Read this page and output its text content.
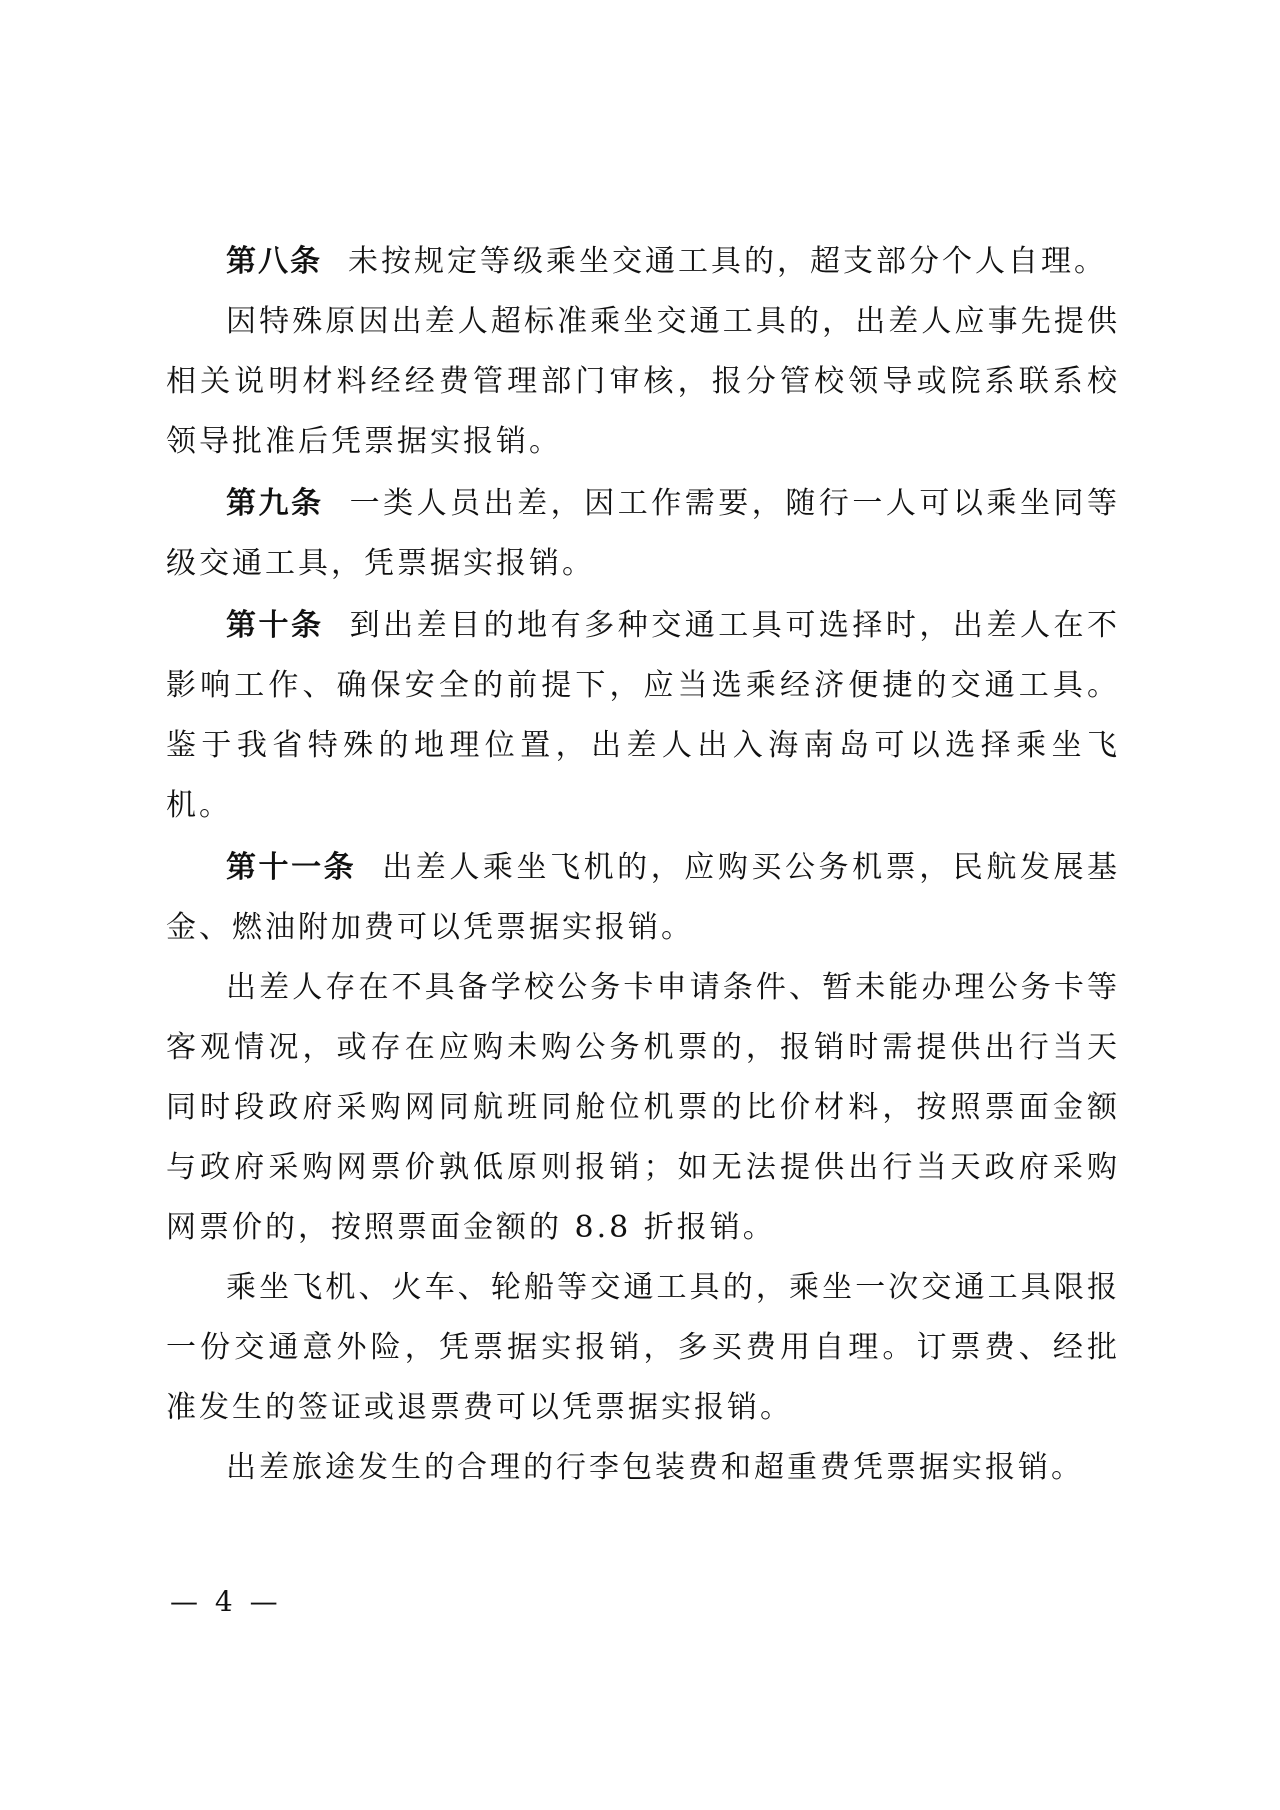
第八条 未按规定等级乘坐交通工具的，超支部分个人自理。

因特殊原因出差人超标准乘坐交通工具的，出差人应事先提供相关说明材料经经费管理部门审核，报分管校领导或院系联系校领导批准后凭票据实报销。

第九条 一类人员出差，因工作需要，随行一人可以乘坐同等级交通工具，凭票据实报销。

第十条 到出差目的地有多种交通工具可选择时，出差人在不影响工作、确保安全的前提下，应当选乘经济便捷的交通工具。鉴于我省特殊的地理位置，出差人出入海南岛可以选择乘坐飞机。

第十一条 出差人乘坐飞机的，应购买公务机票，民航发展基金、燃油附加费可以凭票据实报销。

出差人存在不具备学校公务卡申请条件、暂未能办理公务卡等客观情况，或存在应购未购公务机票的，报销时需提供出行当天同时段政府采购网同航班同舱位机票的比价材料，按照票面金额与政府采购网票价孰低原则报销；如无法提供出行当天政府采购网票价的，按照票面金额的 8.8 折报销。

乘坐飞机、火车、轮船等交通工具的，乘坐一次交通工具限报一份交通意外险，凭票据实报销，多买费用自理。订票费、经批准发生的签证或退票费可以凭票据实报销。

出差旅途发生的合理的行李包装费和超重费凭票据实报销。

— 4 —
